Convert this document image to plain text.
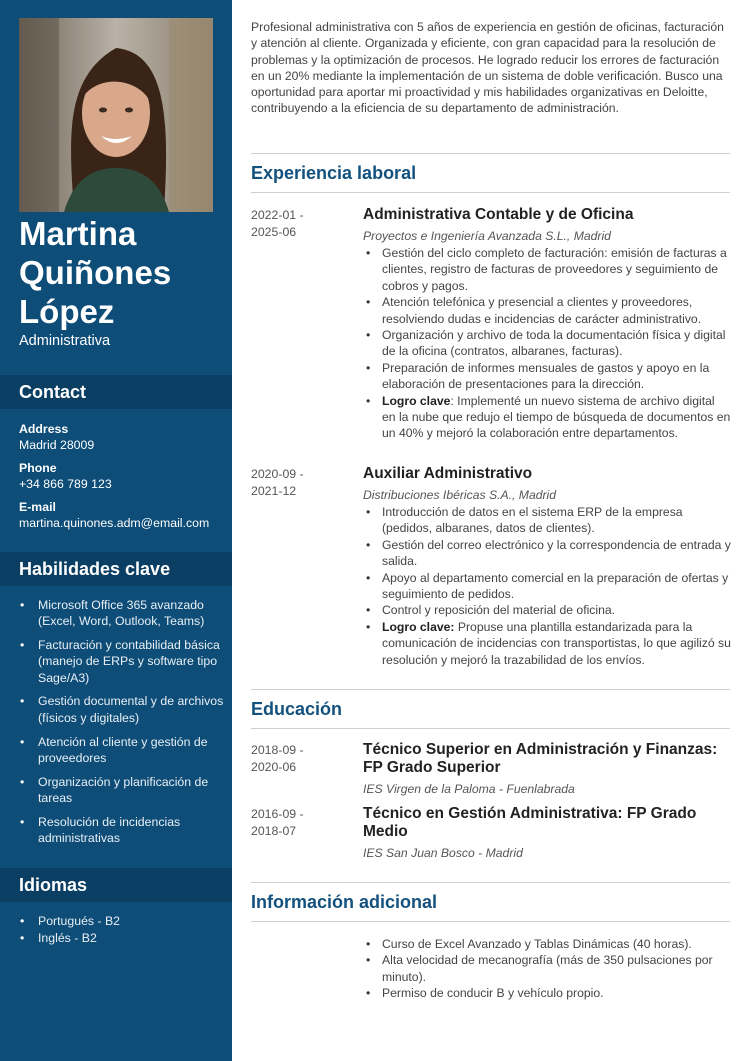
Martina
Quiñones
López
Administrativa
Contact
Address
Madrid 28009
Phone
+34 866 789 123
E-mail
martina.quinones.adm@email.com
Habilidades clave
• Microsoft Office 365 avanzado (Excel, Word, Outlook, Teams)
• Facturación y contabilidad básica (manejo de ERPs y software tipo Sage/A3)
• Gestión documental y de archivos (físicos y digitales)
• Atención al cliente y gestión de proveedores
• Organización y planificación de tareas
• Resolución de incidencias administrativas
Idiomas
• Portugués - B2
• Inglés - B2
Profesional administrativa con 5 años de experiencia en gestión de oficinas, facturación y atención al cliente. Organizada y eficiente, con gran capacidad para la resolución de problemas y la optimización de procesos. He logrado reducir los errores de facturación en un 20% mediante la implementación de un sistema de doble verificación. Busco una oportunidad para aportar mi proactividad y mis habilidades organizativas en Deloitte, contribuyendo a la eficiencia de su departamento de administración.
Experiencia laboral
2022-01 -
2025-06
Administrativa Contable y de Oficina
Proyectos e Ingeniería Avanzada S.L., Madrid
• Gestión del ciclo completo de facturación: emisión de facturas a clientes, registro de facturas de proveedores y seguimiento de cobros y pagos.
• Atención telefónica y presencial a clientes y proveedores, resolviendo dudas e incidencias de carácter administrativo.
• Organización y archivo de toda la documentación física y digital de la oficina (contratos, albaranes, facturas).
• Preparación de informes mensuales de gastos y apoyo en la elaboración de presentaciones para la dirección.
• Logro clave: Implementé un nuevo sistema de archivo digital en la nube que redujo el tiempo de búsqueda de documentos en un 40% y mejoró la colaboración entre departamentos.
2020-09 -
2021-12
Auxiliar Administrativo
Distribuciones Ibéricas S.A., Madrid
• Introducción de datos en el sistema ERP de la empresa (pedidos, albaranes, datos de clientes).
• Gestión del correo electrónico y la correspondencia de entrada y salida.
• Apoyo al departamento comercial en la preparación de ofertas y seguimiento de pedidos.
• Control y reposición del material de oficina.
• Logro clave: Propuse una plantilla estandarizada para la comunicación de incidencias con transportistas, lo que agilizó su resolución y mejoró la trazabilidad de los envíos.
Educación
2018-09 -
2020-06
Técnico Superior en Administración y Finanzas:
FP Grado Superior
IES Virgen de la Paloma - Fuenlabrada
2016-09 -
2018-07
Técnico en Gestión Administrativa: FP Grado
Medio
IES San Juan Bosco - Madrid
Información adicional
• Curso de Excel Avanzado y Tablas Dinámicas (40 horas).
• Alta velocidad de mecanografía (más de 350 pulsaciones por minuto).
• Permiso de conducir B y vehículo propio.
